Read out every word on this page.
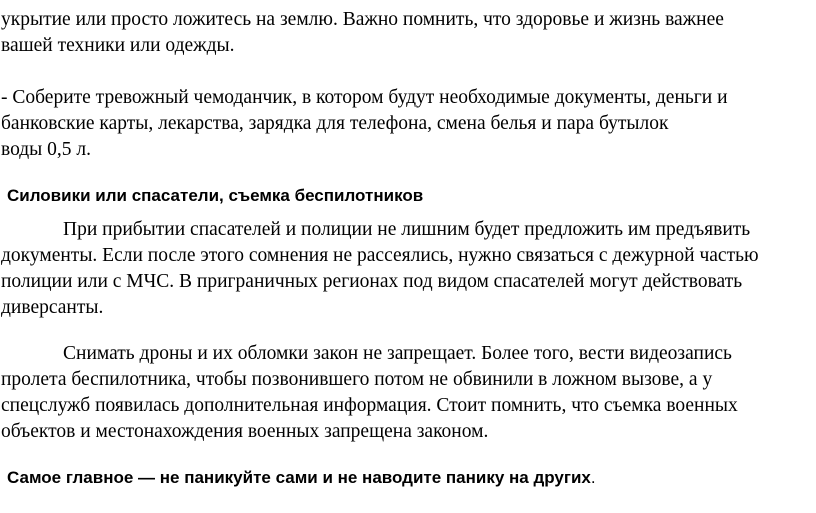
укрытие или просто ложитесь на землю. Важно помнить, что здоровье и жизнь важнее

вашей техники или одежды.

- Соберите тревожный чемоданчик, в котором будут необходимые документы, деньги и

банковские карты, лекарства, зарядка для телефона, смена белья и пара бутылок

воды 0,5 л.

Силовики или спасатели, съемка беспилотников

При прибытии спасателей и полиции не лишним будет предложить им предъявить

документы. Если после этого сомнения не рассеялись, нужно связаться с дежурной частью

полиции или с МЧС. В приграничных регионах под видом спасателей могут действовать

диверсанты.

Снимать дроны и их обломки закон не запрещает. Более того, вести видеозапись

пролета беспилотника, чтобы позвонившего потом не обвинили в ложном вызове, а у

спецслужб появилась дополнительная информация. Стоит помнить, что съемка военных

объектов и местонахождения военных запрещена законом.

Самое главное — не паникуйте сами и не наводите панику на других.
